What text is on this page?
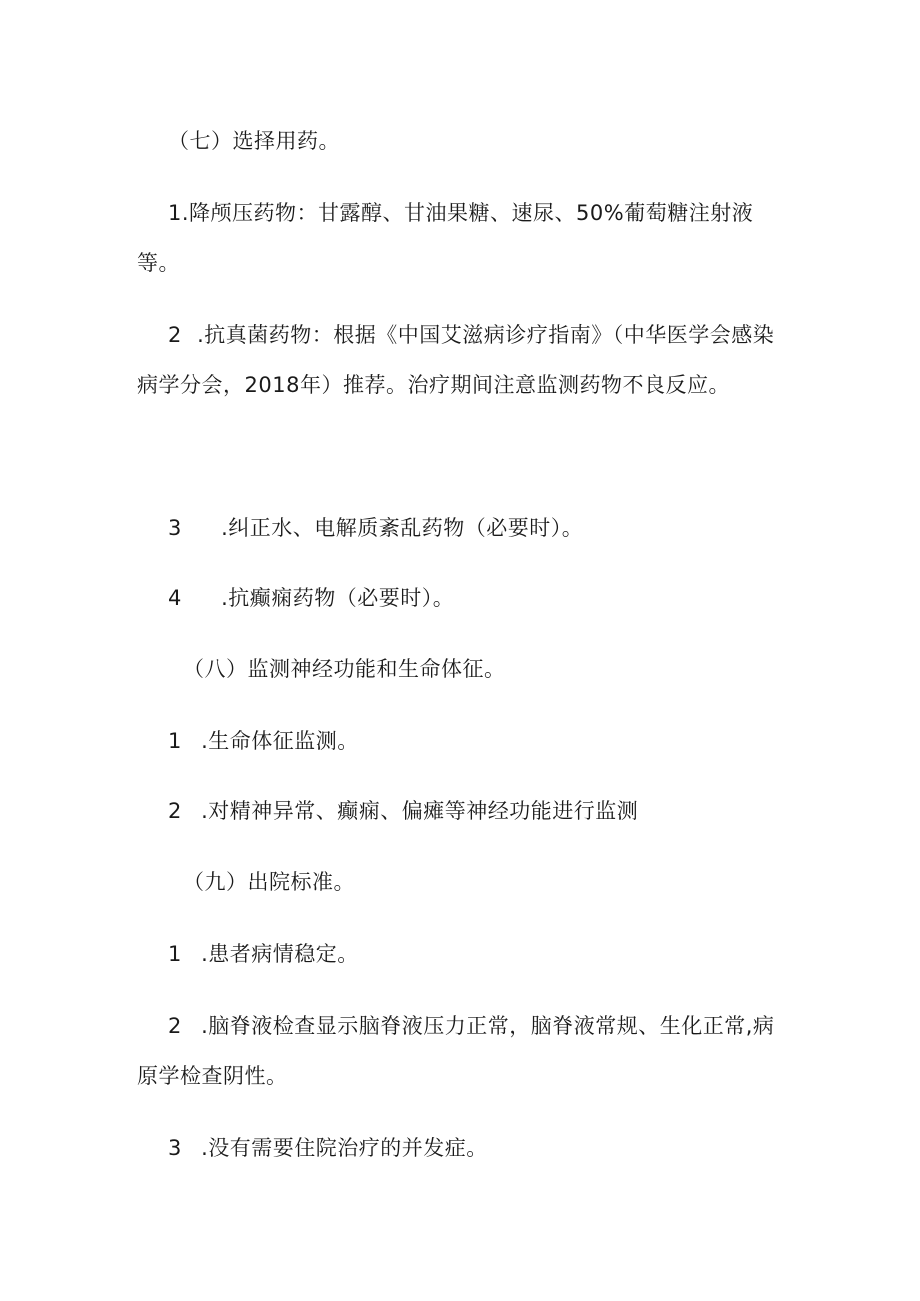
（七）选择用药。
1.降颅压药物：甘露醇、甘油果糖、速尿、50%葡萄糖注射液
等。
2 .抗真菌药物：根据《中国艾滋病诊疗指南》（中华医学会感染
病学分会，2018年）推荐。治疗期间注意监测药物不良反应。
3 .纠正水、电解质紊乱药物（必要时）。
4 .抗癫痫药物（必要时）。
（八）监测神经功能和生命体征。
1 .生命体征监测。
2 .对精神异常、癫痫、偏瘫等神经功能进行监测
（九）出院标准。
1 .患者病情稳定。
2 .脑脊液检查显示脑脊液压力正常，脑脊液常规、生化正常,病
原学检查阴性。
3 .没有需要住院治疗的并发症。
